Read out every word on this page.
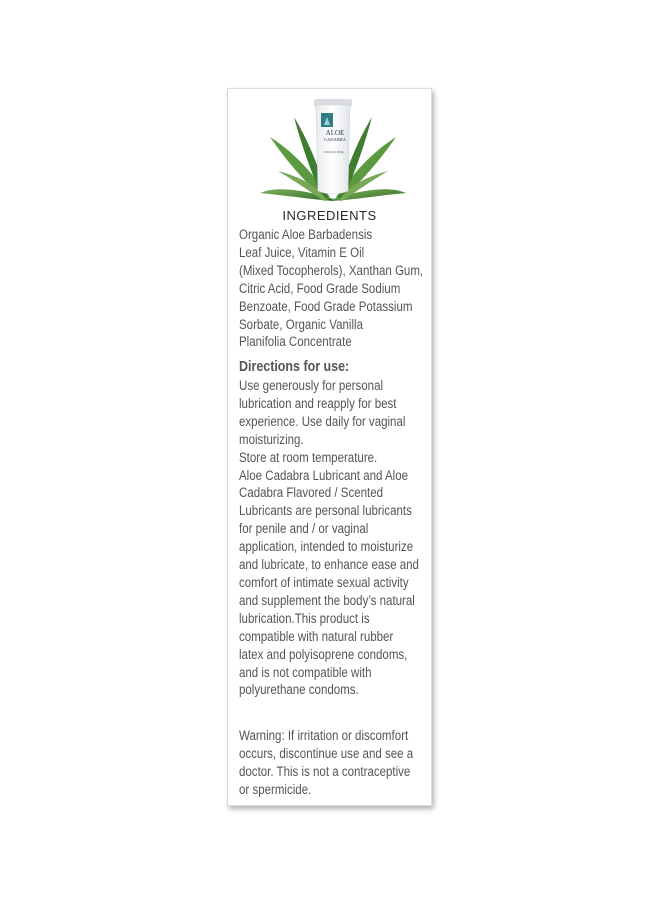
ALOE
CADABRA
ORGANIC BASE
INGREDIENTS
Organic Aloe Barbadensis
Leaf Juice, Vitamin E Oil
(Mixed Tocopherols), Xanthan Gum,
Citric Acid, Food Grade Sodium
Benzoate, Food Grade Potassium
Sorbate, Organic Vanilla
Planifolia Concentrate
Directions for use:
Use generously for personal
lubrication and reapply for best
experience. Use daily for vaginal
moisturizing.
Store at room temperature.
Aloe Cadabra Lubricant and Aloe
Cadabra Flavored / Scented
Lubricants are personal lubricants
for penile and / or vaginal
application, intended to moisturize
and lubricate, to enhance ease and
comfort of intimate sexual activity
and supplement the body’s natural
lubrication.This product is
compatible with natural rubber
latex and polyisoprene condoms,
and is not compatible with
polyurethane condoms.
Warning: If irritation or discomfort
occurs, discontinue use and see a
doctor. This is not a contraceptive
or spermicide.
